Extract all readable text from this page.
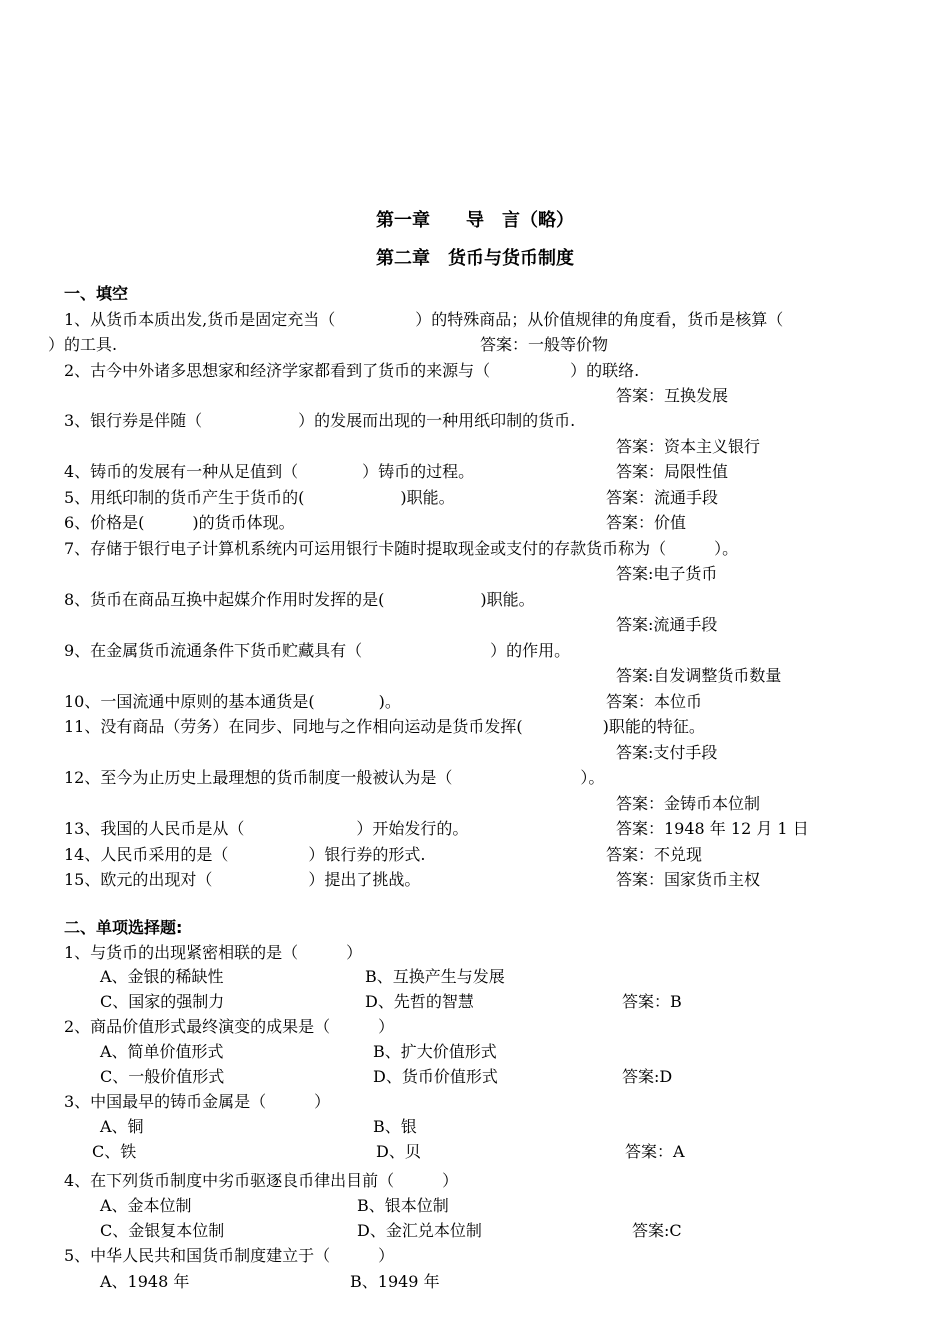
第一章　　导　言（略）
第二章　货币与货币制度
一、填空
1、从货币本质出发,货币是固定充当（　　　　　）的特殊商品；从价值规律的角度看，货币是核算（
）的工具.	答案：一般等价物
2、古今中外诸多思想家和经济学家都看到了货币的来源与（　　　　　）的联络.
答案：互换发展
3、银行券是伴随（　　　　　　）的发展而出现的一种用纸印制的货币.
答案：资本主义银行
4、铸币的发展有一种从足值到（　　　　）铸币的过程。	答案：局限性值
5、用纸印制的货币产生于货币的(　　　　　　)职能。	答案：流通手段
6、价格是(　　　)的货币体现。	答案：价值
7、存储于银行电子计算机系统内可运用银行卡随时提取现金或支付的存款货币称为（　　　）。
答案:电子货币
8、货币在商品互换中起媒介作用时发挥的是(　　　　　　)职能。
答案:流通手段
9、在金属货币流通条件下货币贮藏具有（　　　　　　　　）的作用。
答案:自发调整货币数量
10、一国流通中原则的基本通货是(　　　　)。	答案：本位币
11、没有商品（劳务）在同步、同地与之作相向运动是货币发挥(　　　　　)职能的特征。
答案:支付手段
12、至今为止历史上最理想的货币制度一般被认为是（　　　　　　　　）。
答案：金铸币本位制
13、我国的人民币是从（　　　　　　　）开始发行的。	答案：1948 年 12 月 1 日
14、人民币采用的是（　　　　　）银行券的形式.	答案：不兑现
15、欧元的出现对（　　　　　　）提出了挑战。	答案：国家货币主权
二、单项选择题:
1、与货币的出现紧密相联的是（　　　）
A、金银的稀缺性	B、互换产生与发展
C、国家的强制力	D、先哲的智慧	答案：B
2、商品价值形式最终演变的成果是（　　　）
A、简单价值形式	B、扩大价值形式
C、一般价值形式	D、货币价值形式	答案:D
3、中国最早的铸币金属是（　　　）
A、铜	B、银
C、铁	D、贝	答案：A
4、在下列货币制度中劣币驱逐良币律出目前（　　　）
A、金本位制	B、银本位制
C、金银复本位制	D、金汇兑本位制	答案:C
5、中华人民共和国货币制度建立于（　　　）
A、1948 年	B、1949 年
